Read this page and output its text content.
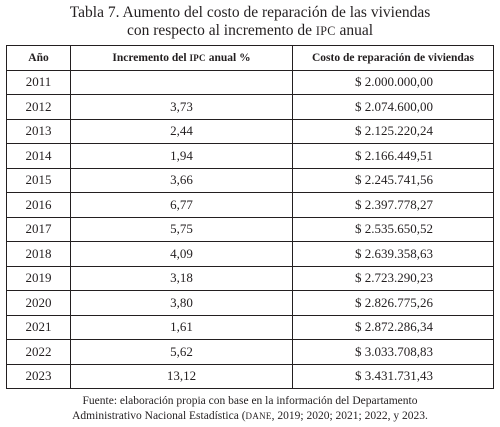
Tabla 7. Aumento del costo de reparación de las viviendas
con respecto al incremento de IPC anual
Año	Incremento del IPC anual %	Costo de reparación de viviendas
2011		$ 2.000.000,00
2012	3,73	$ 2.074.600,00
2013	2,44	$ 2.125.220,24
2014	1,94	$ 2.166.449,51
2015	3,66	$ 2.245.741,56
2016	6,77	$ 2.397.778,27
2017	5,75	$ 2.535.650,52
2018	4,09	$ 2.639.358,63
2019	3,18	$ 2.723.290,23
2020	3,80	$ 2.826.775,26
2021	1,61	$ 2.872.286,34
2022	5,62	$ 3.033.708,83
2023	13,12	$ 3.431.731,43
Fuente: elaboración propia con base en la información del Departamento
Administrativo Nacional Estadística (DANE, 2019; 2020; 2021; 2022, y 2023.
